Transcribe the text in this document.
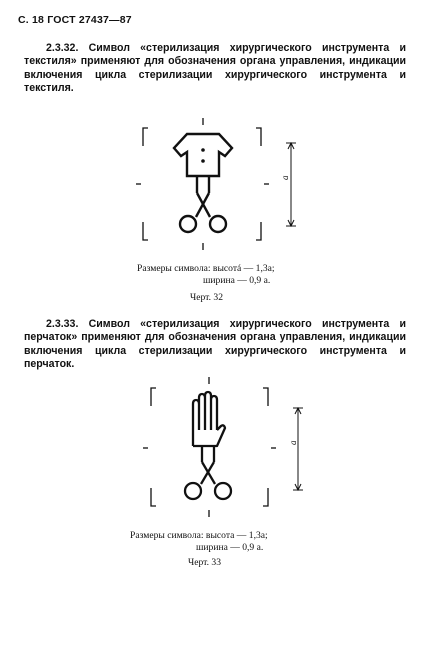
С. 18 ГОСТ 27437—87
2.3.32. Символ «стерилизация хирургического инструмента и текстиля» применяют для обозначения органа управления, индикации включения цикла стерилизации хирургического инструмента и текстиля.
a
Размеры символа: высотá — 1,3a;
ширина — 0,9 a.
Черт. 32
2.3.33. Символ «стерилизация хирургического инструмента и перчаток» применяют для обозначения органа управления, индикации включения цикла стерилизации хирургического инструмента и перчаток.
a
Размеры символа: высота — 1,3a;
ширина — 0,9 a.
Черт. 33
